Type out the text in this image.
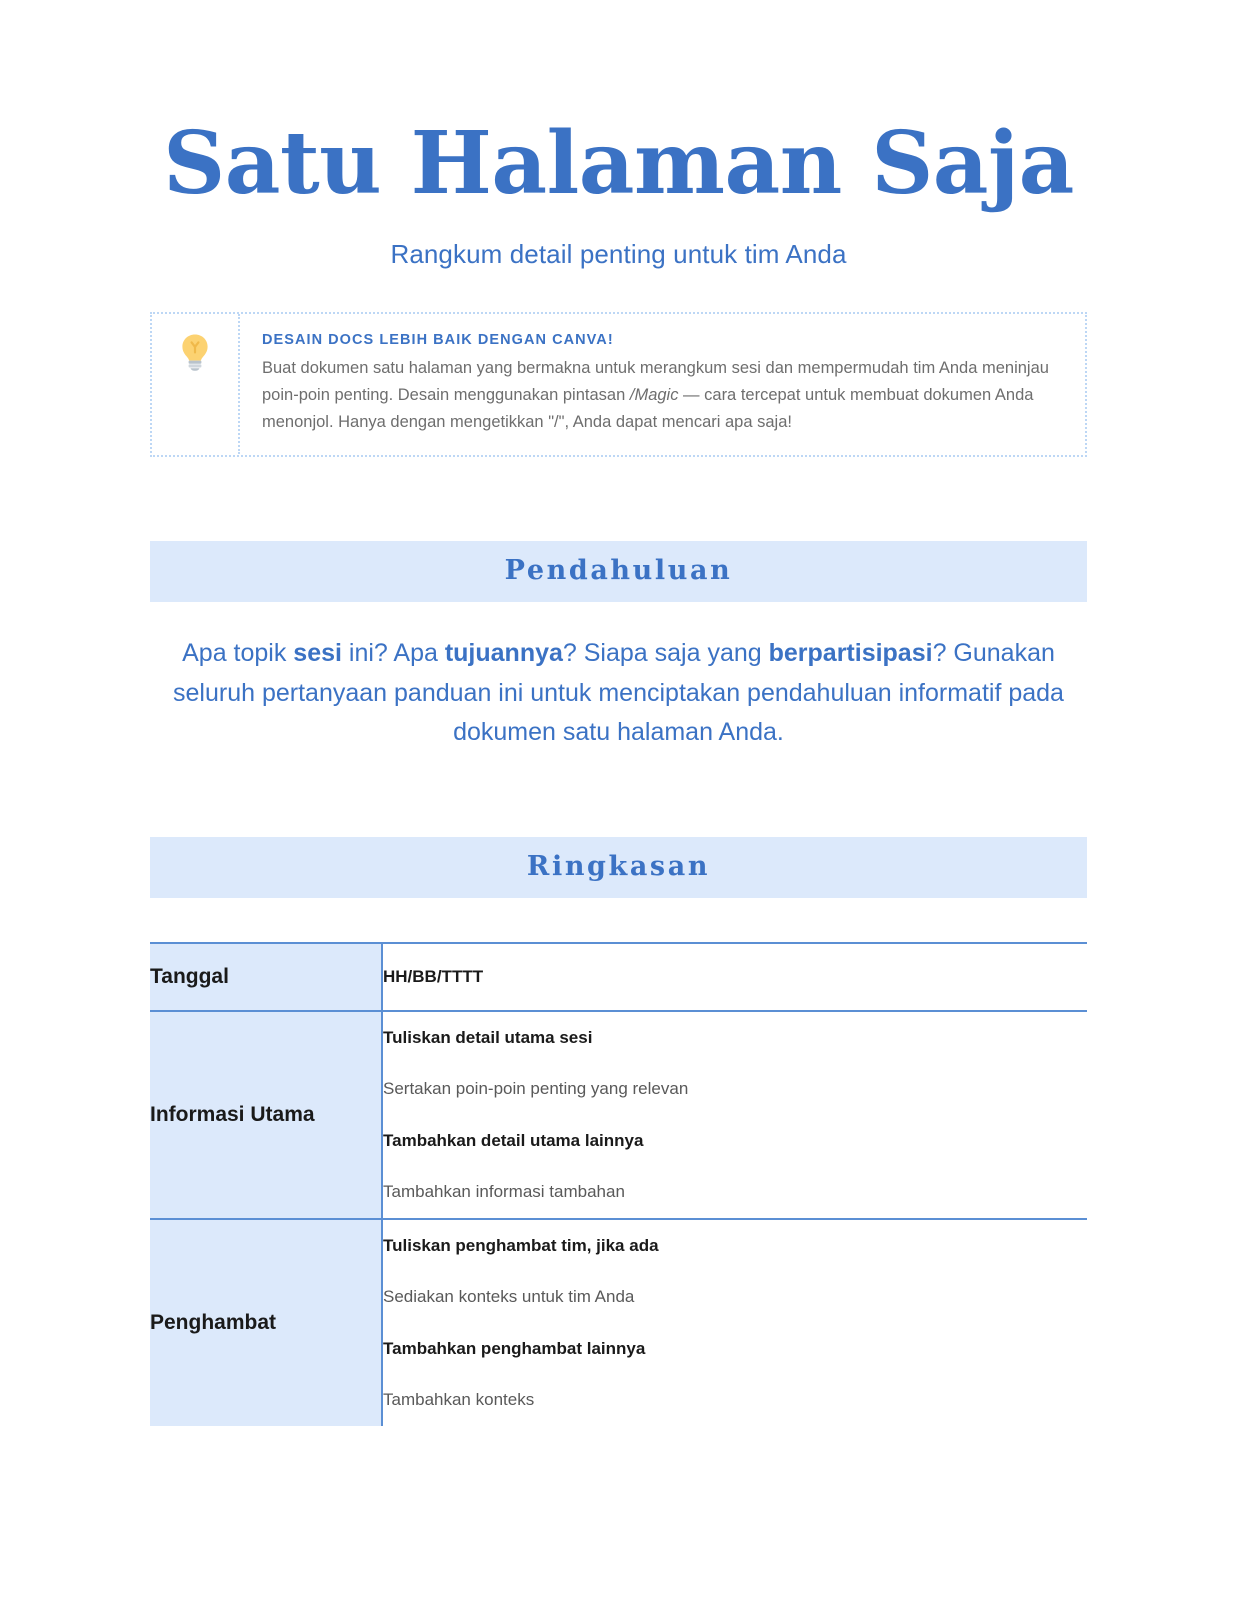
Satu Halaman Saja

Rangkum detail penting untuk tim Anda

DESAIN DOCS LEBIH BAIK DENGAN CANVA!

Buat dokumen satu halaman yang bermakna untuk merangkum sesi dan mempermudah tim Anda meninjau poin-poin penting. Desain menggunakan pintasan /Magic — cara tercepat untuk membuat dokumen Anda menonjol. Hanya dengan mengetikkan "/", Anda dapat mencari apa saja!

Pendahuluan

Apa topik sesi ini? Apa tujuannya? Siapa saja yang berpartisipasi? Gunakan seluruh pertanyaan panduan ini untuk menciptakan pendahuluan informatif pada dokumen satu halaman Anda.

Ringkasan
Tanggal	HH/BB/TTTT

Informasi Utama	Tuliskan detail utama sesi

Sertakan poin-poin penting yang relevan

Tambahkan detail utama lainnya

Tambahkan informasi tambahan

Penghambat	Tuliskan penghambat tim, jika ada

Sediakan konteks untuk tim Anda

Tambahkan penghambat lainnya

Tambahkan konteks
